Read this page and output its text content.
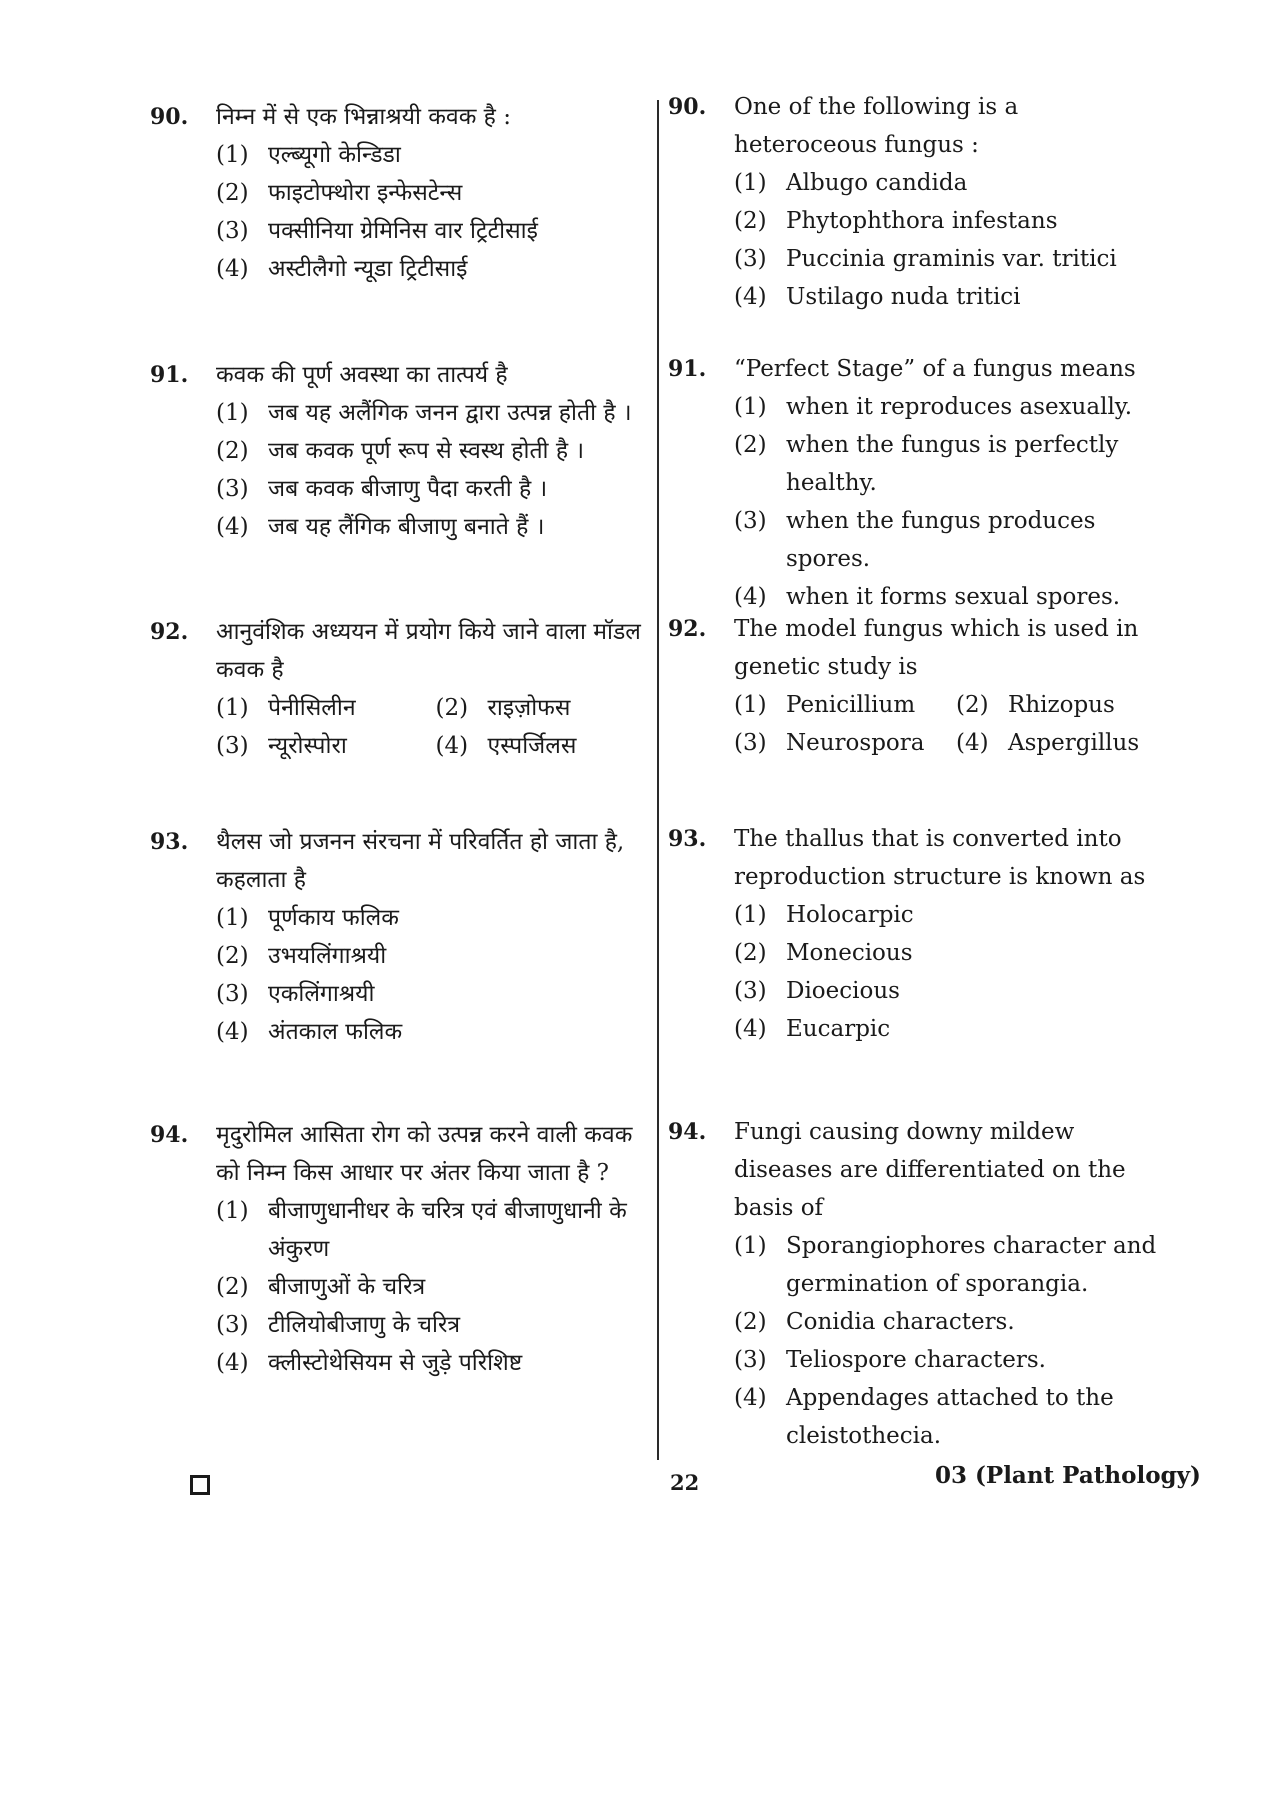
90. निम्न में से एक भिन्नाश्रयी कवक है :
(1) एल्ब्यूगो केन्डिडा
(2) फाइटोफ्थोरा इन्फेसटेन्स
(3) पक्सीनिया ग्रेमिनिस वार ट्रिटीसाई
(4) अस्टीलैगो न्यूडा ट्रिटीसाई
91. कवक की पूर्ण अवस्था का तात्पर्य है
(1) जब यह अलैंगिक जनन द्वारा उत्पन्न होती है ।
(2) जब कवक पूर्ण रूप से स्वस्थ होती है ।
(3) जब कवक बीजाणु पैदा करती है ।
(4) जब यह लैंगिक बीजाणु बनाते हैं ।
92. आनुवंशिक अध्ययन में प्रयोग किये जाने वाला मॉडल कवक है
(1) पेनीसिलीन	(2) राइज़ोफस
(3) न्यूरोस्पोरा	(4) एस्पर्जिलस
93. थैलस जो प्रजनन संरचना में परिवर्तित हो जाता है, कहलाता है
(1) पूर्णकाय फलिक
(2) उभयलिंगाश्रयी
(3) एकलिंगाश्रयी
(4) अंतकाल फलिक
94. मृदुरोमिल आसिता रोग को उत्पन्न करने वाली कवक को निम्न किस आधार पर अंतर किया जाता है ?
(1) बीजाणुधानीधर के चरित्र एवं बीजाणुधानी के अंकुरण
(2) बीजाणुओं के चरित्र
(3) टीलियोबीजाणु के चरित्र
(4) क्लीस्टोथेसियम से जुड़े परिशिष्ट
90. One of the following is a heteroceous fungus :
(1) Albugo candida
(2) Phytophthora infestans
(3) Puccinia graminis var. tritici
(4) Ustilago nuda tritici
91. “Perfect Stage” of a fungus means
(1) when it reproduces asexually.
(2) when the fungus is perfectly healthy.
(3) when the fungus produces spores.
(4) when it forms sexual spores.
92. The model fungus which is used in genetic study is
(1) Penicillium	(2) Rhizopus
(3) Neurospora	(4) Aspergillus
93. The thallus that is converted into reproduction structure is known as
(1) Holocarpic
(2) Monecious
(3) Dioecious
(4) Eucarpic
94. Fungi causing downy mildew diseases are differentiated on the basis of
(1) Sporangiophores character and germination of sporangia.
(2) Conidia characters.
(3) Teliospore characters.
(4) Appendages attached to the cleistothecia.
22	03 (Plant Pathology)
